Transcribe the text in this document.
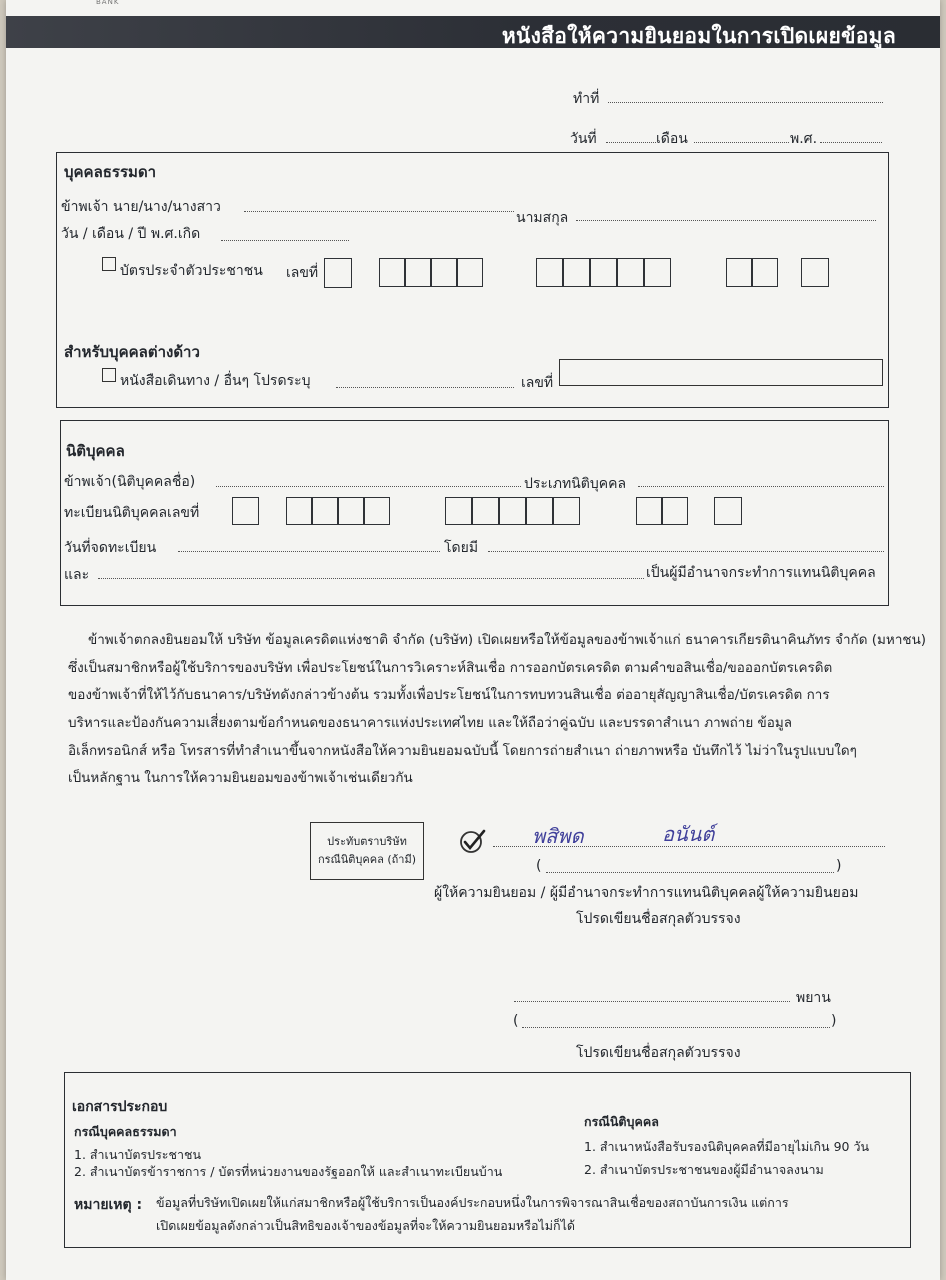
BANK
หนังสือให้ความยินยอมในการเปิดเผยข้อมูล
ทำที่
วันที่	เดือน	พ.ศ.
บุคคลธรรมดา
ข้าพเจ้า นาย/นาง/นางสาว
นามสกุล
วัน / เดือน / ปี พ.ศ.เกิด
บัตรประจำตัวประชาชน เลขที่
สำหรับบุคคลต่างด้าว
หนังสือเดินทาง / อื่นๆ โปรดระบุ	เลขที่
นิติบุคคล
ข้าพเจ้า(นิติบุคคลชื่อ)	ประเภทนิติบุคคล
ทะเบียนนิติบุคคลเลขที่
วันที่จดทะเบียน	โดยมี
และ	เป็นผู้มีอำนาจกระทำการแทนนิติบุคคล
ข้าพเจ้าตกลงยินยอมให้ บริษัท ข้อมูลเครดิตแห่งชาติ จำกัด (บริษัท) เปิดเผยหรือให้ข้อมูลของข้าพเจ้าแก่ ธนาคารเกียรตินาคินภัทร จำกัด (มหาชน)
ซึ่งเป็นสมาชิกหรือผู้ใช้บริการของบริษัท เพื่อประโยชน์ในการวิเคราะห์สินเชื่อ การออกบัตรเครดิต ตามคำขอสินเชื่อ/ขอออกบัตรเครดิต
ของข้าพเจ้าที่ให้ไว้กับธนาคาร/บริษัทดังกล่าวข้างต้น รวมทั้งเพื่อประโยชน์ในการทบทวนสินเชื่อ ต่ออายุสัญญาสินเชื่อ/บัตรเครดิต การ
บริหารและป้องกันความเสี่ยงตามข้อกำหนดของธนาคารแห่งประเทศไทย และให้ถือว่าคู่ฉบับ และบรรดาสำเนา ภาพถ่าย ข้อมูล
อิเล็กทรอนิกส์ หรือ โทรสารที่ทำสำเนาขึ้นจากหนังสือให้ความยินยอมฉบับนี้ โดยการถ่ายสำเนา ถ่ายภาพหรือ บันทึกไว้ ไม่ว่าในรูปแบบใดๆ
เป็นหลักฐาน ในการให้ความยินยอมของข้าพเจ้าเช่นเดียวกัน
ประทับตราบริษัท
กรณีนิติบุคคล (ถ้ามี)
พสิพด	อนันต์
(	)
ผู้ให้ความยินยอม / ผู้มีอำนาจกระทำการแทนนิติบุคคลผู้ให้ความยินยอม
โปรดเขียนชื่อสกุลตัวบรรจง
พยาน
(	)
โปรดเขียนชื่อสกุลตัวบรรจง
เอกสารประกอบ
กรณีบุคคลธรรมดา
1. สำเนาบัตรประชาชน
2. สำเนาบัตรข้าราชการ / บัตรที่หน่วยงานของรัฐออกให้ และสำเนาทะเบียนบ้าน
กรณีนิติบุคคล
1. สำเนาหนังสือรับรองนิติบุคคลที่มีอายุไม่เกิน 90 วัน
2. สำเนาบัตรประชาชนของผู้มีอำนาจลงนาม
หมายเหตุ : ข้อมูลที่บริษัทเปิดเผยให้แก่สมาชิกหรือผู้ใช้บริการเป็นองค์ประกอบหนึ่งในการพิจารณาสินเชื่อของสถาบันการเงิน แต่การ
เปิดเผยข้อมูลดังกล่าวเป็นสิทธิของเจ้าของข้อมูลที่จะให้ความยินยอมหรือไม่ก็ได้
